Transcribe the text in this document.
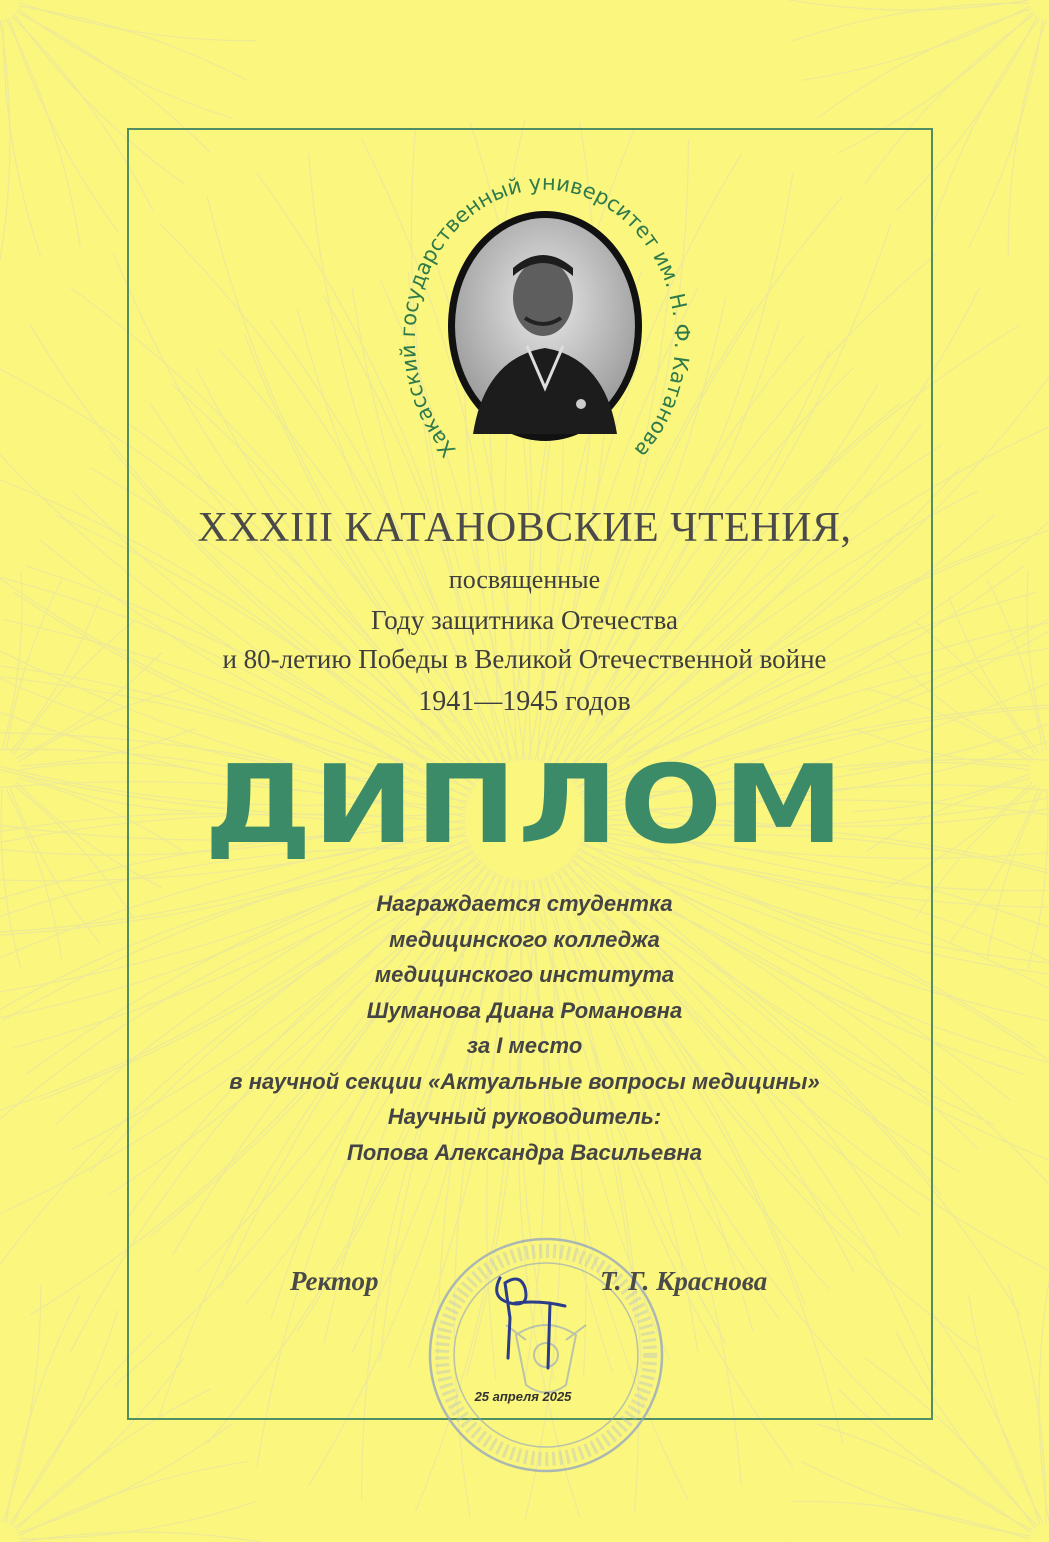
Хакасский государственный университет им. Н. Ф. Катанова
XXXIII КАТАНОВСКИЕ ЧТЕНИЯ,
посвященные
Году защитника Отечества
и 80-летию Победы в Великой Отечественной войне
1941—1945 годов
ДИПЛОМ
Награждается студентка
медицинского колледжа
медицинского института
Шуманова Диана Романовна
за I место
в научной секции «Актуальные вопросы медицины»
Научный руководитель:
Попова Александра Васильевна
Ректор	Т. Г. Краснова
25 апреля 2025
